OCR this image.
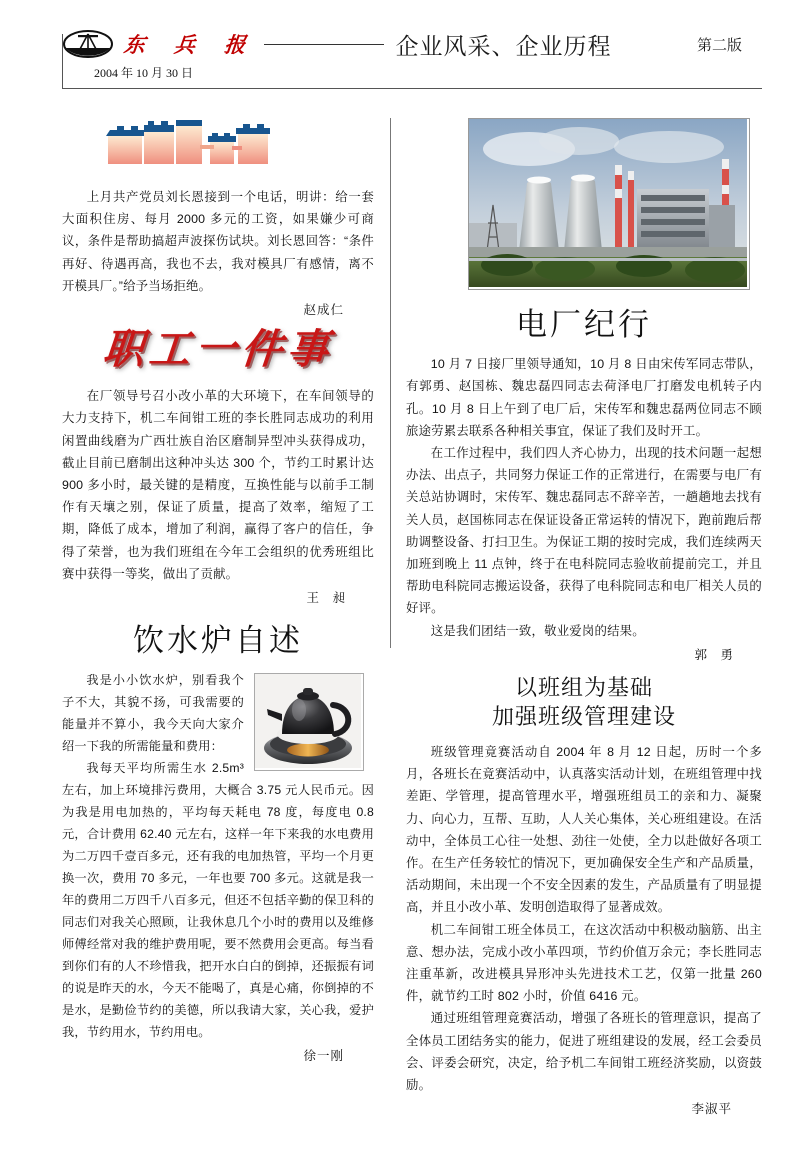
东 兵 报	企业风采、企业历程	第二版
2004 年 10 月 30 日

上月共产党员刘长恩接到一个电话，明讲：给一套大面积住房、每月 2000 多元的工资，如果嫌少可商议，条件是帮助搞超声波探伤试块。刘长恩回答：“条件再好、待遇再高，我也不去，我对模具厂有感情，离不开模具厂。”给予当场拒绝。

赵成仁
职工一件事

在厂领导号召小改小革的大环境下，在车间领导的大力支持下，机二车间钳工班的李长胜同志成功的利用闲置曲线磨为广西壮族自治区磨制异型冲头获得成功，截止目前已磨制出这种冲头达 300 个，节约工时累计达 900 多小时，最关键的是精度，互换性能与以前手工制作有天壤之别，保证了质量，提高了效率，缩短了工期，降低了成本，增加了利润，赢得了客户的信任，争得了荣誉，也为我们班组在今年工会组织的优秀班组比赛中获得一等奖，做出了贡献。

王 昶
饮水炉自述

我是小小饮水炉，别看我个子不大，其貌不扬，可我需要的能量并不算小，我今天向大家介绍一下我的所需能量和费用：

我每天平均所需生水 2.5m³ 左右，加上环境排污费用，大概合 3.75 元人民币元。因为我是用电加热的，平均每天耗电 78 度，每度电 0.8 元，合计费用 62.40 元左右，这样一年下来我的水电费用为二万四千壹百多元，还有我的电加热管，平均一个月更换一次，费用 70 多元，一年也要 700 多元。这就是我一年的费用二万四千八百多元，但还不包括辛勤的保卫科的同志们对我关心照顾，让我休息几个小时的费用以及维修师傅经常对我的维护费用呢，要不然费用会更高。每当看到你们有的人不珍惜我，把开水白白的倒掉，还振振有词的说是昨天的水，今天不能喝了，真是心痛，你倒掉的不是水，是勤俭节约的美德，所以我请大家，关心我，爱护我，节约用水，节约用电。

徐一刚
电厂纪行

10 月 7 日接厂里领导通知，10 月 8 日由宋传军同志带队，有郭勇、赵国栋、魏忠磊四同志去荷泽电厂打磨发电机转子内孔。10 月 8 日上午到了电厂后，宋传军和魏忠磊两位同志不顾旅途劳累去联系各种相关事宜，保证了我们及时开工。

在工作过程中，我们四人齐心协力，出现的技术问题一起想办法、出点子，共同努力保证工作的正常进行，在需要与电厂有关总站协调时，宋传军、魏忠磊同志不辞辛苦，一趟趟地去找有关人员，赵国栋同志在保证设备正常运转的情况下，跑前跑后帮助调整设备、打扫卫生。为保证工期的按时完成，我们连续两天加班到晚上 11 点钟，终于在电科院同志验收前提前完工，并且帮助电科院同志搬运设备，获得了电科院同志和电厂相关人员的好评。

这是我们团结一致，敬业爱岗的结果。

郭 勇
以班组为基础
加强班级管理建设

班级管理竟赛活动自 2004 年 8 月 12 日起，历时一个多月，各班长在竟赛活动中，认真落实活动计划，在班组管理中找差距、学管理，提高管理水平，增强班组员工的亲和力、凝聚力、向心力，互帮、互助，人人关心集体，关心班组建设。在活动中，全体员工心往一处想、劲往一处使，全力以赴做好各项工作。在生产任务较忙的情况下，更加确保安全生产和产品质量，活动期间，未出现一个不安全因素的发生，产品质量有了明显提高，并且小改小革、发明创造取得了显著成效。

机二车间钳工班全体员工，在这次活动中积极动脑筋、出主意、想办法，完成小改小革四项，节约价值万余元；李长胜同志注重革新，改进模具异形冲头先进技术工艺，仅第一批量 260 件，就节约工时 802 小时，价值 6416 元。

通过班组管理竟赛活动，增强了各班长的管理意识，提高了全体员工团结务实的能力，促进了班组建设的发展，经工会委员会、评委会研究，决定，给予机二车间钳工班经济奖励，以资鼓励。

李淑平
